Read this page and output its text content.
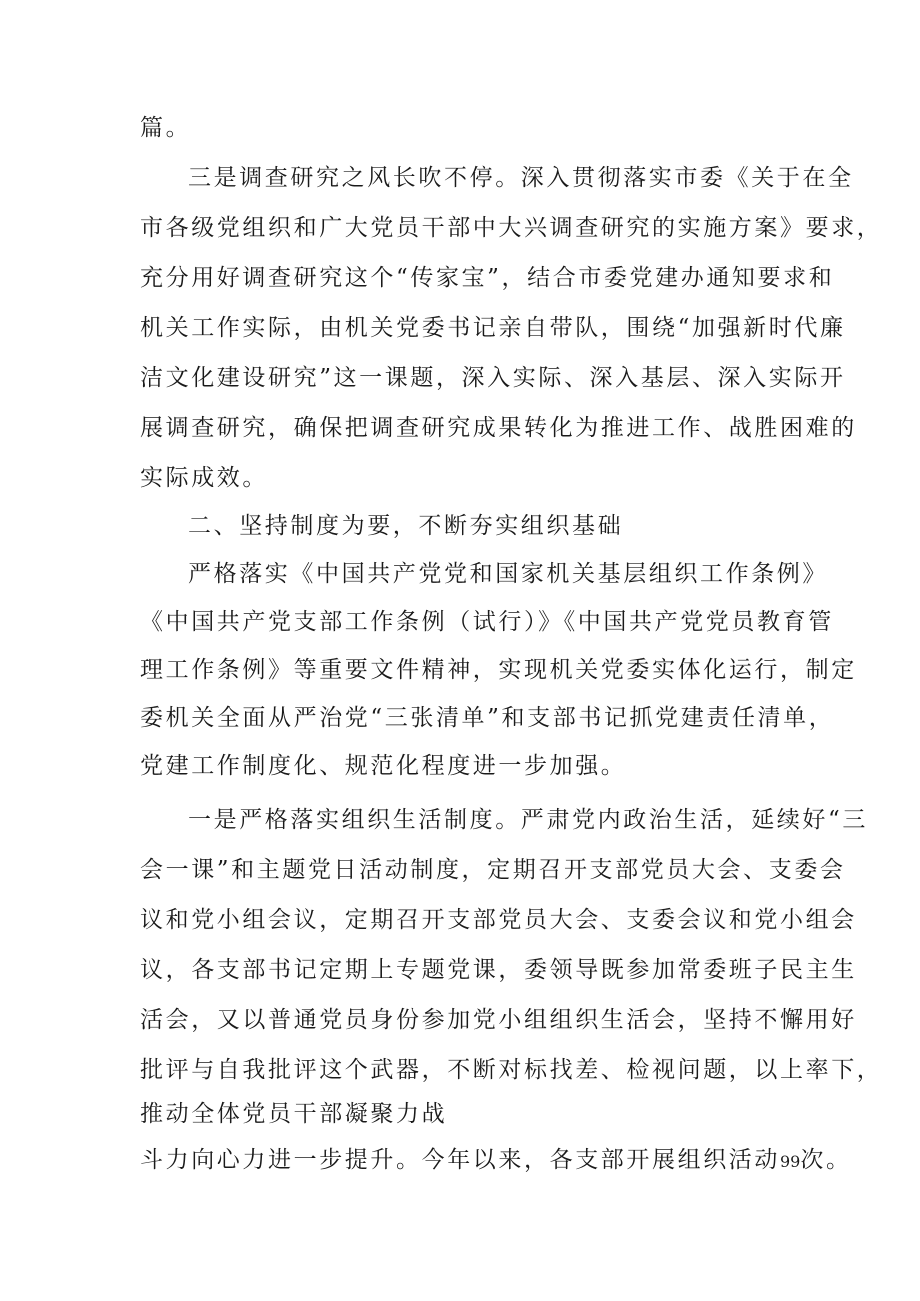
篇。
三是调查研究之风长吹不停。深入贯彻落实市委《关于在全
市各级党组织和广大党员干部中大兴调查研究的实施方案》要求，
充分用好调查研究这个“传家宝”，结合市委党建办通知要求和
机关工作实际，由机关党委书记亲自带队，围绕“加强新时代廉
洁文化建设研究”这一课题，深入实际、深入基层、深入实际开
展调查研究，确保把调查研究成果转化为推进工作、战胜困难的
实际成效。
二、坚持制度为要，不断夯实组织基础
严格落实《中国共产党党和国家机关基层组织工作条例》
《中国共产党支部工作条例（试行）》《中国共产党党员教育管
理工作条例》等重要文件精神，实现机关党委实体化运行，制定
委机关全面从严治党“三张清单”和支部书记抓党建责任清单，
党建工作制度化、规范化程度进一步加强。
一是严格落实组织生活制度。严肃党内政治生活，延续好“三
会一课”和主题党日活动制度，定期召开支部党员大会、支委会
议和党小组会议，定期召开支部党员大会、支委会议和党小组会
议，各支部书记定期上专题党课，委领导既参加常委班子民主生
活会，又以普通党员身份参加党小组组织生活会，坚持不懈用好
批评与自我批评这个武器，不断对标找差、检视问题，以上率下，
推动全体党员干部凝聚力战
斗力向心力进一步提升。今年以来，各支部开展组织活动99次。
